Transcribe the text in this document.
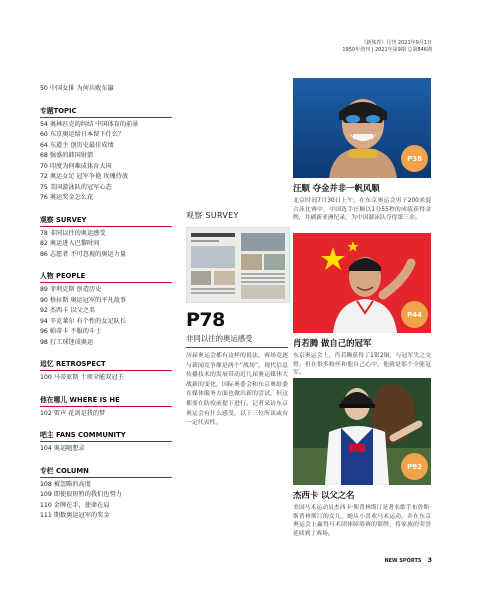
《新体育》月刊 2021年9月1日
1950年创刊 | 2021年第9期 总第846期
50 中国女排 为何兵败东瀛
专题TOPIC
54 奥林匹克的纠结 中国体育的前景
60 东京奥运给日本留下什么？
64 东道主 创历史最佳成绩
68 强盛的韩国射箭
70 印度为何难成体育大国
72 奥运女足 冠军争艳 玫瑰待放
75 美国游泳队的冠军心态
76 奥运奖金怎么花
观察 SURVEY
78 非同以往的奥运感受
82 奥运进入巴黎时间
86 志愿者 不可忽视的奥运力量
人物 PEOPLE
89 菲利克斯 创造历史
90 格拉斯 奥运冠军的平凡故事
92 杰西卡 以父之名
94 辛克莱尔 有个性的女足队长
96 帕蒂卡 不服的斗士
98 打工球迷成奥运
追忆 RETROSPECT
100 马蒂亚斯 十项全能双冠王
他在哪儿 WHERE IS HE
102 雷声 花剑是我的梦
吧主 FANS COMMUNITY
104 奥运随想录
专栏 COLUMN
108 被忽略的高度
109 即使很短暂的我们也努力
110 金牌在手，使命在肩
111 期数奥运冠军的奖金
观察 SURVEY
P78
非同以往的奥运感受
历届奥运会都有这样的说法，赛场竞逐与新闻竞争像是两个“战场”。现代信息传播技术的发展带动近几届奥运媒体大战新的变化，国际奥委会和东京奥组委在媒体服务方面也做出新的尝试，但这都要在防疫前提下进行。记者采访东京奥运会有什么感受，以下三位所谈或有一定代表性。
P38
汪顺 夺金并非一帆风顺
北京时间7月30日上午，在东京奥运会男子200米混合泳比赛中，中国选手汪顺以1分55秒的成绩获得金牌，并刷新亚洲纪录，为中国游泳队夺得第三金。
P44
肖若腾 做自己的冠军
东京奥运会上，肖若腾获得了1银2铜，与冠军失之交臂。但在很多粉丝和他自己心中，他就是那个全能冠军。
P92
杰西卡 以父之名
美国马术运动员杰西卡·斯普林斯汀是著名歌手布鲁斯·斯普林斯汀的女儿，她从小喜欢马术运动，并在东京奥运会上赢得马术团体障碍赛的银牌，将家族的荣誉延续到了赛场。
NEW SPORTS 3
